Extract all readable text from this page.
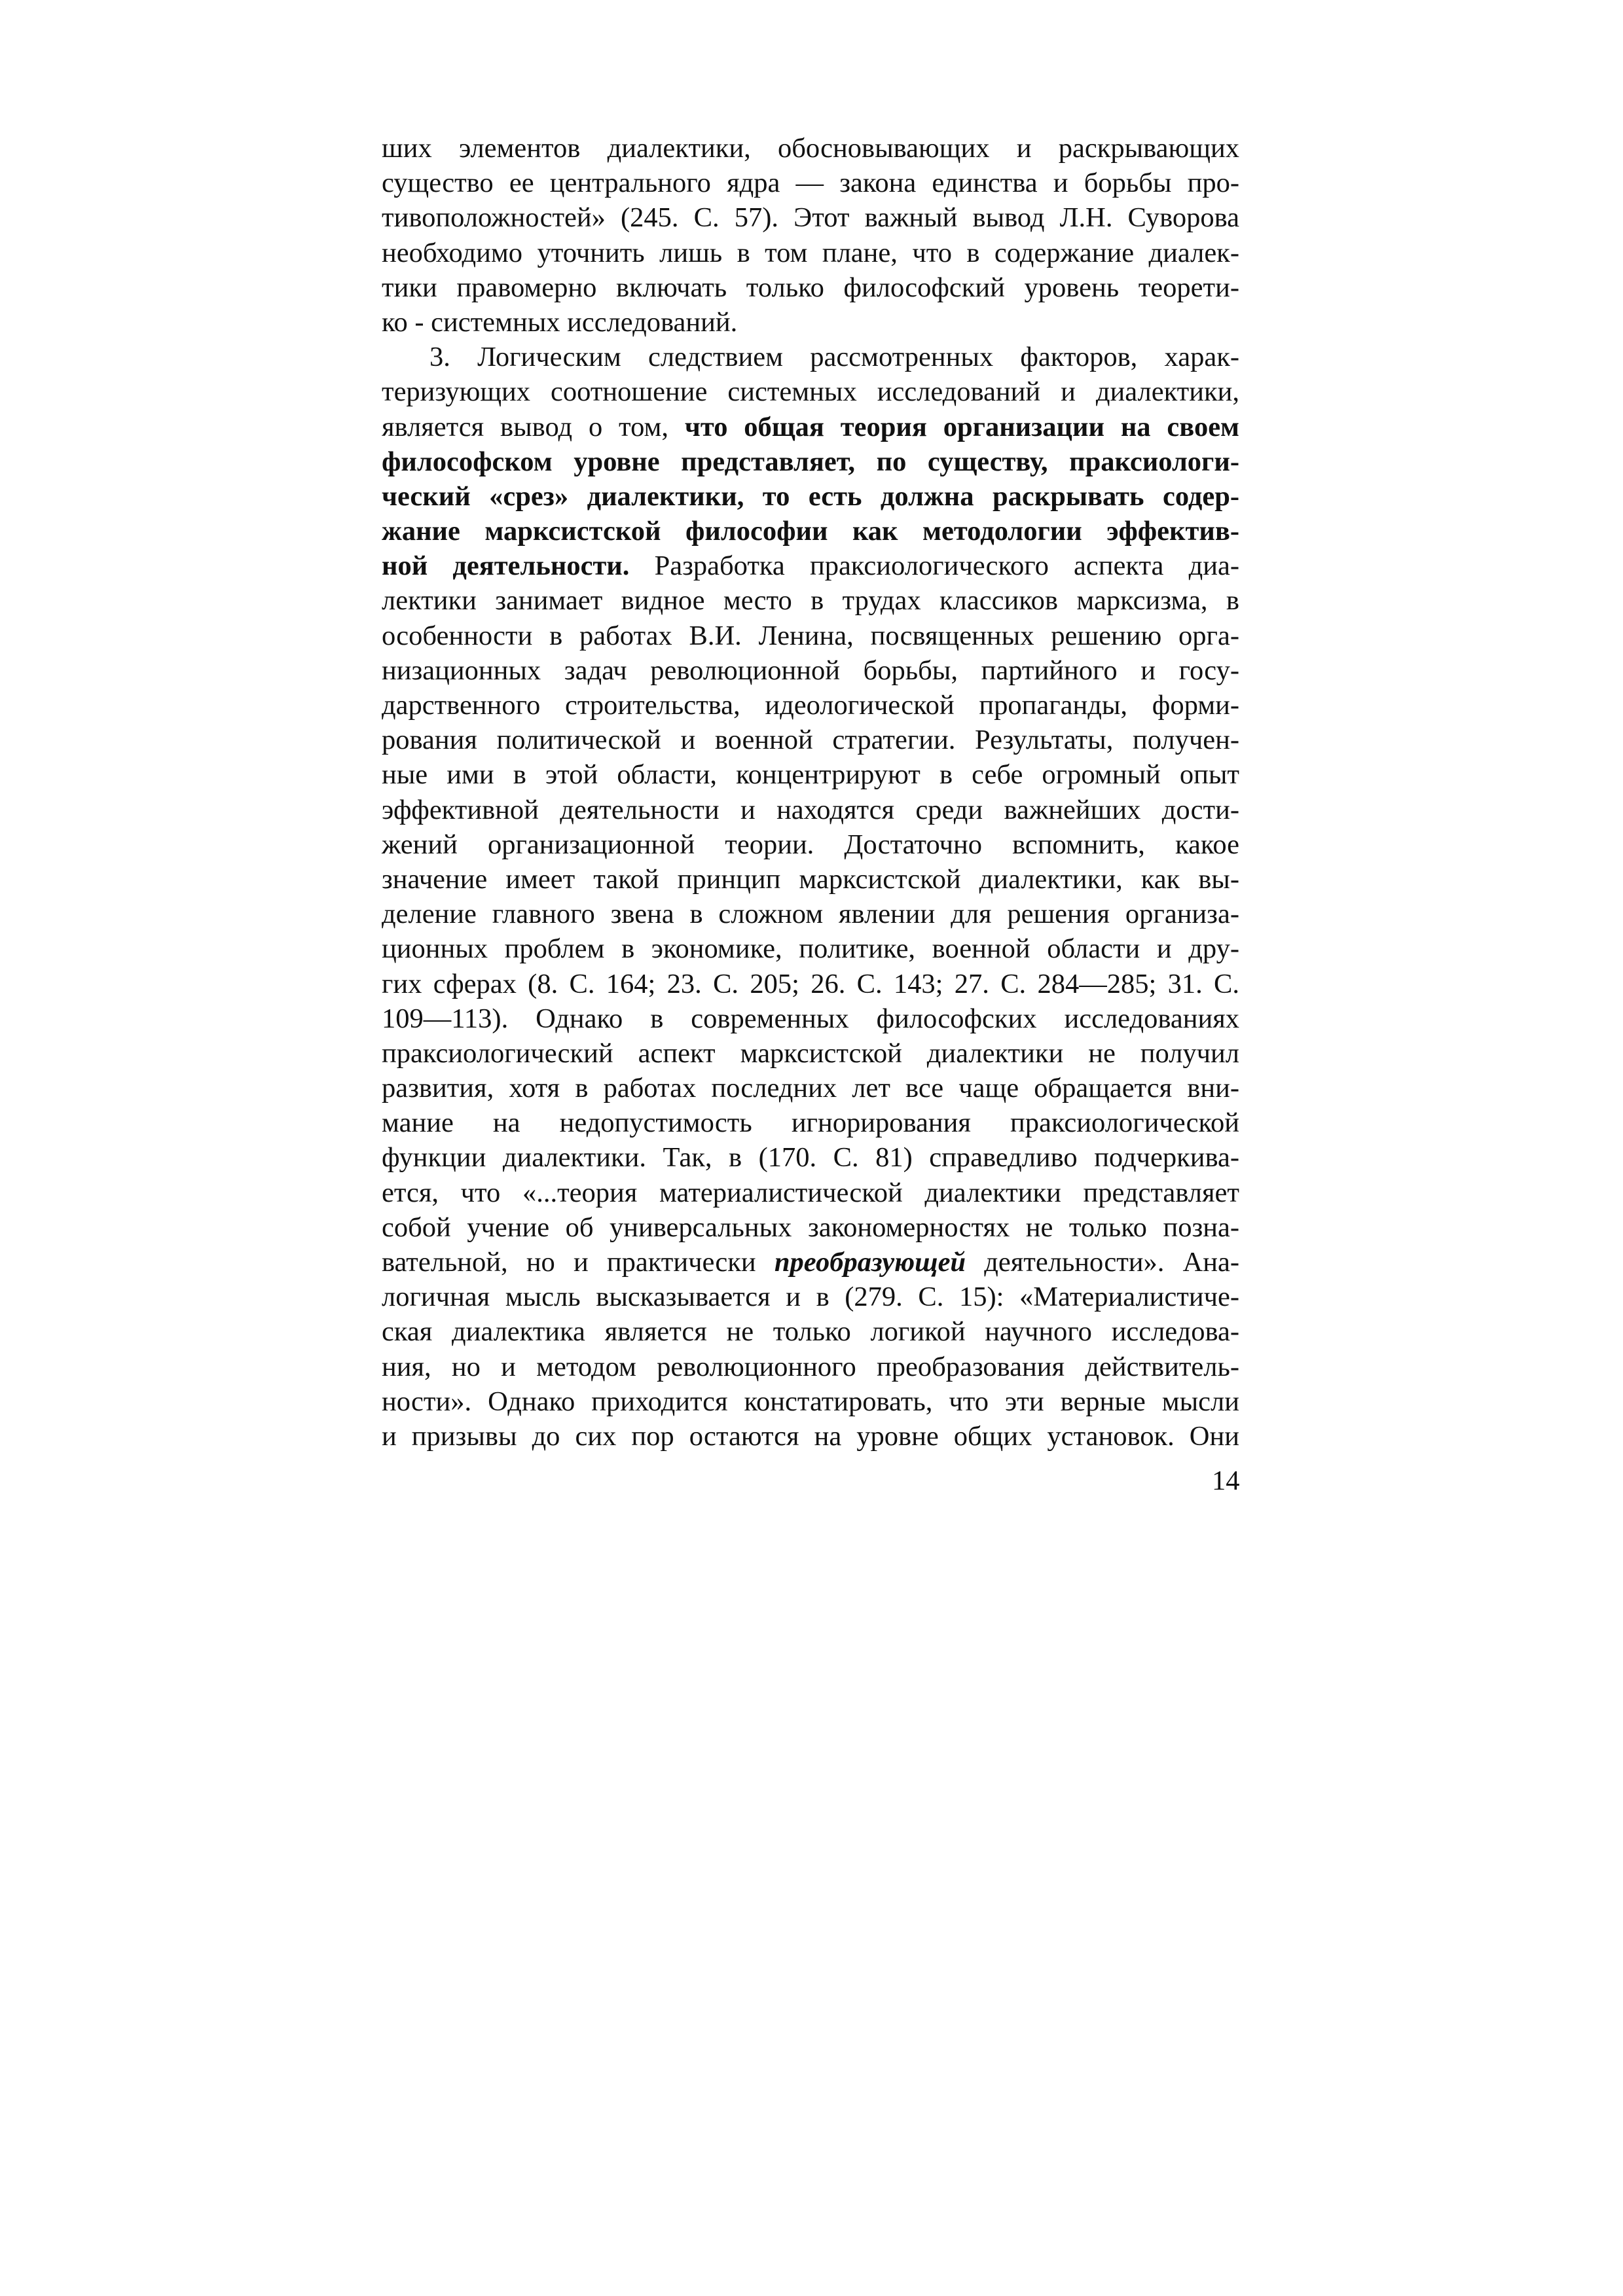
ших элементов диалектики, обосновывающих и раскрывающих
существо ее центрального ядра — закона единства и борьбы про-
тивоположностей» (245. С. 57). Этот важный вывод Л.Н. Суворова
необходимо уточнить лишь в том плане, что в содержание диалек-
тики правомерно включать только философский уровень теорети-
ко - системных исследований.
3. Логическим следствием рассмотренных факторов, харак-
теризующих соотношение системных исследований и диалектики,
является вывод о том, что общая теория организации на своем
философском уровне представляет, по существу, праксиологи-
ческий «срез» диалектики, то есть должна раскрывать содер-
жание марксистской философии как методологии эффектив-
ной деятельности. Разработка праксиологического аспекта диа-
лектики занимает видное место в трудах классиков марксизма, в
особенности в работах В.И. Ленина, посвященных решению орга-
низационных задач революционной борьбы, партийного и госу-
дарственного строительства, идеологической пропаганды, форми-
рования политической и военной стратегии. Результаты, получен-
ные ими в этой области, концентрируют в себе огромный опыт
эффективной деятельности и находятся среди важнейших дости-
жений организационной теории. Достаточно вспомнить, какое
значение имеет такой принцип марксистской диалектики, как вы-
деление главного звена в сложном явлении для решения организа-
ционных проблем в экономике, политике, военной области и дру-
гих сферах (8. С. 164; 23. С. 205; 26. С. 143; 27. С. 284—285; 31. С.
109—113). Однако в современных философских исследованиях
праксиологический аспект марксистской диалектики не получил
развития, хотя в работах последних лет все чаще обращается вни-
мание на недопустимость игнорирования праксиологической
функции диалектики. Так, в (170. С. 81) справедливо подчеркива-
ется, что «...теория материалистической диалектики представляет
собой учение об универсальных закономерностях не только позна-
вательной, но и практически преобразующей деятельности». Ана-
логичная мысль высказывается и в (279. С. 15): «Материалистиче-
ская диалектика является не только логикой научного исследова-
ния, но и методом революционного преобразования действитель-
ности». Однако приходится констатировать, что эти верные мысли
и призывы до сих пор остаются на уровне общих установок. Они
14
